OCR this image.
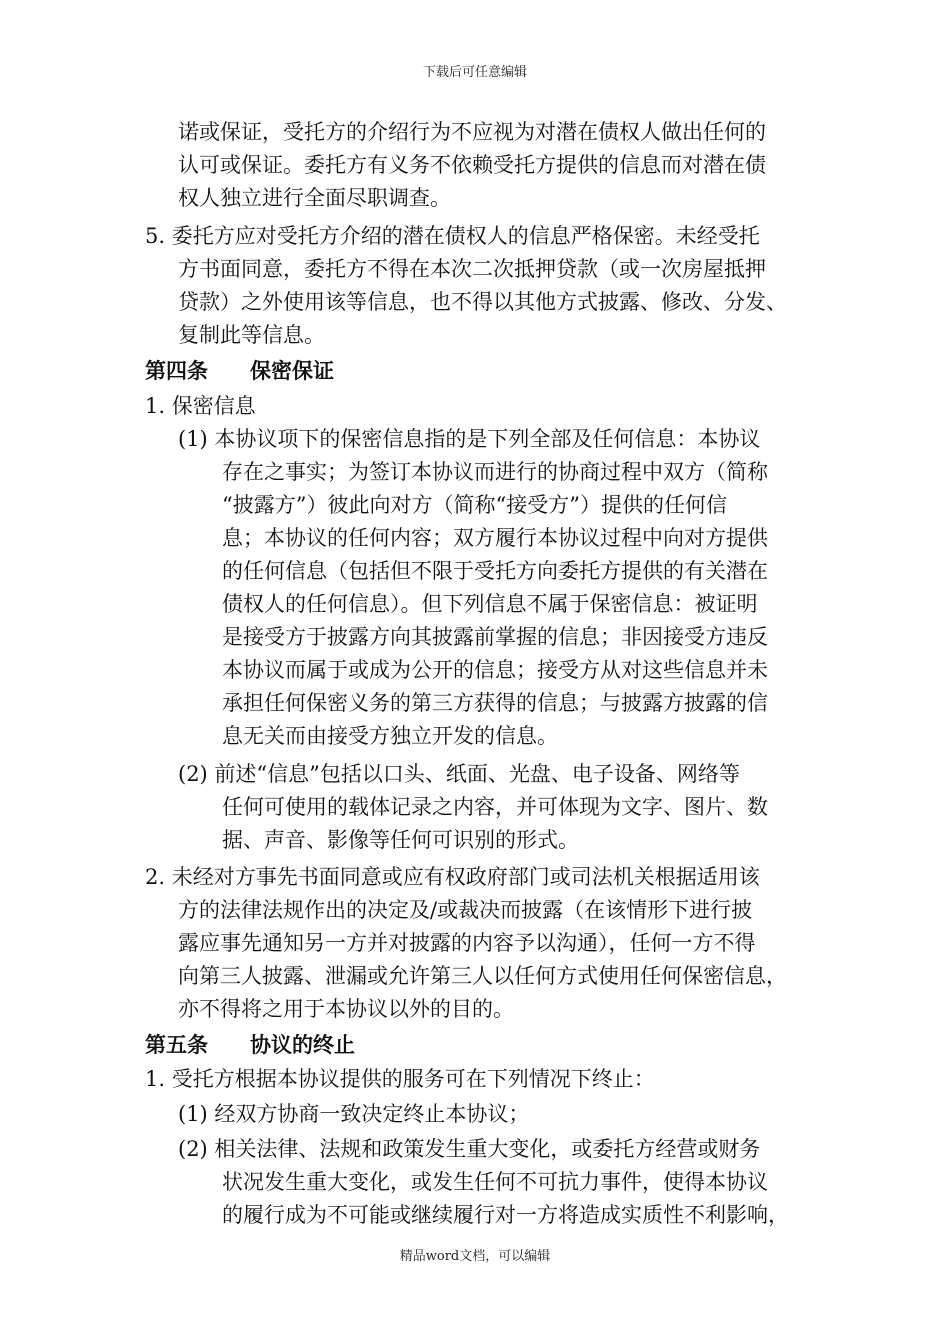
下载后可任意编辑
诺或保证，受托方的介绍行为不应视为对潜在债权人做出任何的
认可或保证。委托方有义务不依赖受托方提供的信息而对潜在债
权人独立进行全面尽职调查。
5. 委托方应对受托方介绍的潜在债权人的信息严格保密。未经受托
方书面同意，委托方不得在本次二次抵押贷款（或一次房屋抵押
贷款）之外使用该等信息，也不得以其他方式披露、修改、分发、
复制此等信息。
第四条　　保密保证
1. 保密信息
(1) 本协议项下的保密信息指的是下列全部及任何信息：本协议
存在之事实；为签订本协议而进行的协商过程中双方（简称
“披露方”）彼此向对方（简称“接受方”）提供的任何信
息；本协议的任何内容；双方履行本协议过程中向对方提供
的任何信息（包括但不限于受托方向委托方提供的有关潜在
债权人的任何信息）。但下列信息不属于保密信息：被证明
是接受方于披露方向其披露前掌握的信息；非因接受方违反
本协议而属于或成为公开的信息；接受方从对这些信息并未
承担任何保密义务的第三方获得的信息；与披露方披露的信
息无关而由接受方独立开发的信息。
(2) 前述“信息”包括以口头、纸面、光盘、电子设备、网络等
任何可使用的载体记录之内容，并可体现为文字、图片、数
据、声音、影像等任何可识别的形式。
2. 未经对方事先书面同意或应有权政府部门或司法机关根据适用该
方的法律法规作出的决定及/或裁决而披露（在该情形下进行披
露应事先通知另一方并对披露的内容予以沟通），任何一方不得
向第三人披露、泄漏或允许第三人以任何方式使用任何保密信息，
亦不得将之用于本协议以外的目的。
第五条　　协议的终止
1. 受托方根据本协议提供的服务可在下列情况下终止：
(1) 经双方协商一致决定终止本协议；
(2) 相关法律、法规和政策发生重大变化，或委托方经营或财务
状况发生重大变化，或发生任何不可抗力事件，使得本协议
的履行成为不可能或继续履行对一方将造成实质性不利影响，
精品word文档，可以编辑
